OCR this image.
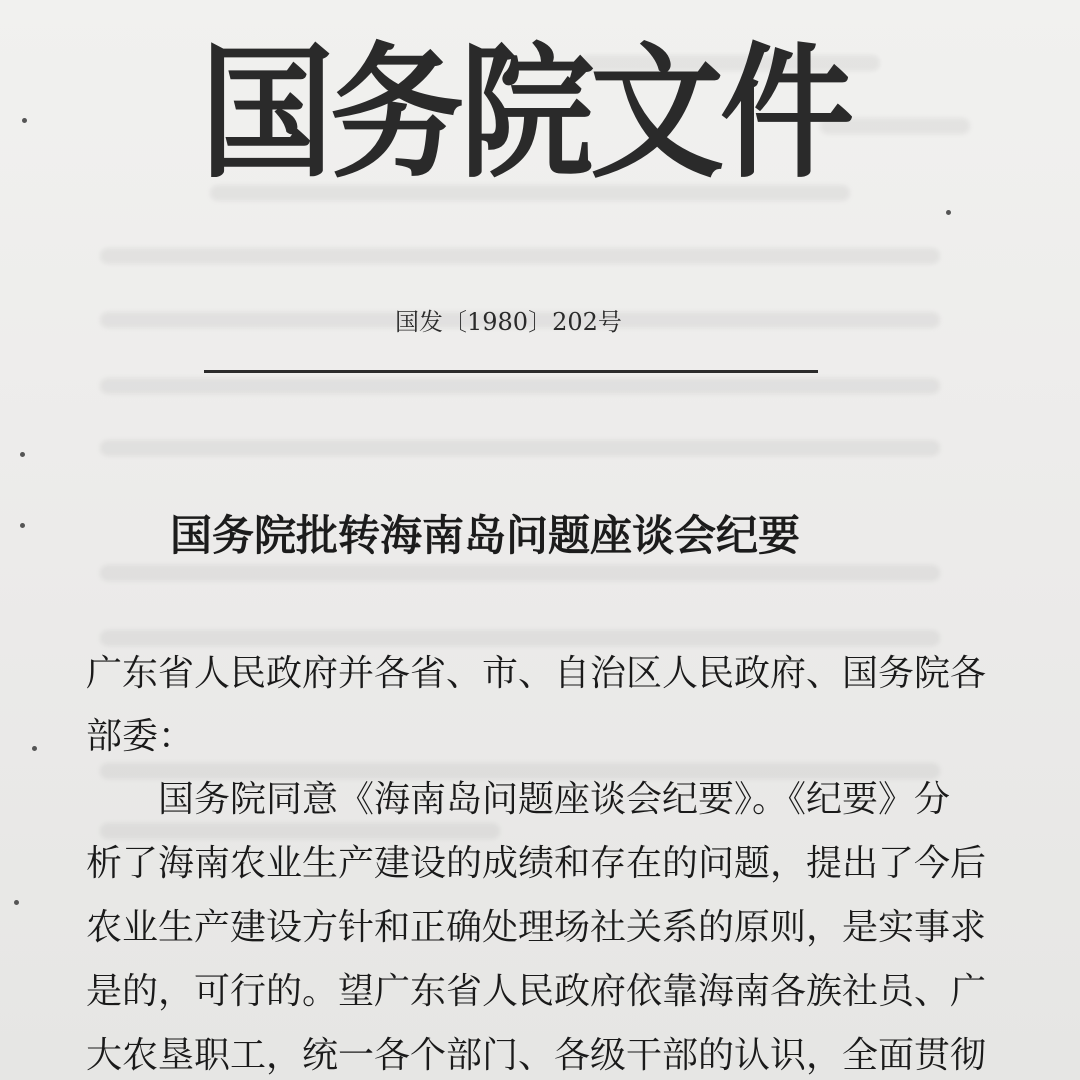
国务院文件
国发〔1980〕202号
国务院批转海南岛问题座谈会纪要
广东省人民政府并各省、市、自治区人民政府、国务院各
部委：
国务院同意《海南岛问题座谈会纪要》。《纪要》分
析了海南农业生产建设的成绩和存在的问题，提出了今后
农业生产建设方针和正确处理场社关系的原则，是实事求
是的，可行的。望广东省人民政府依靠海南各族社员、广
大农垦职工，统一各个部门、各级干部的认识，全面贯彻
